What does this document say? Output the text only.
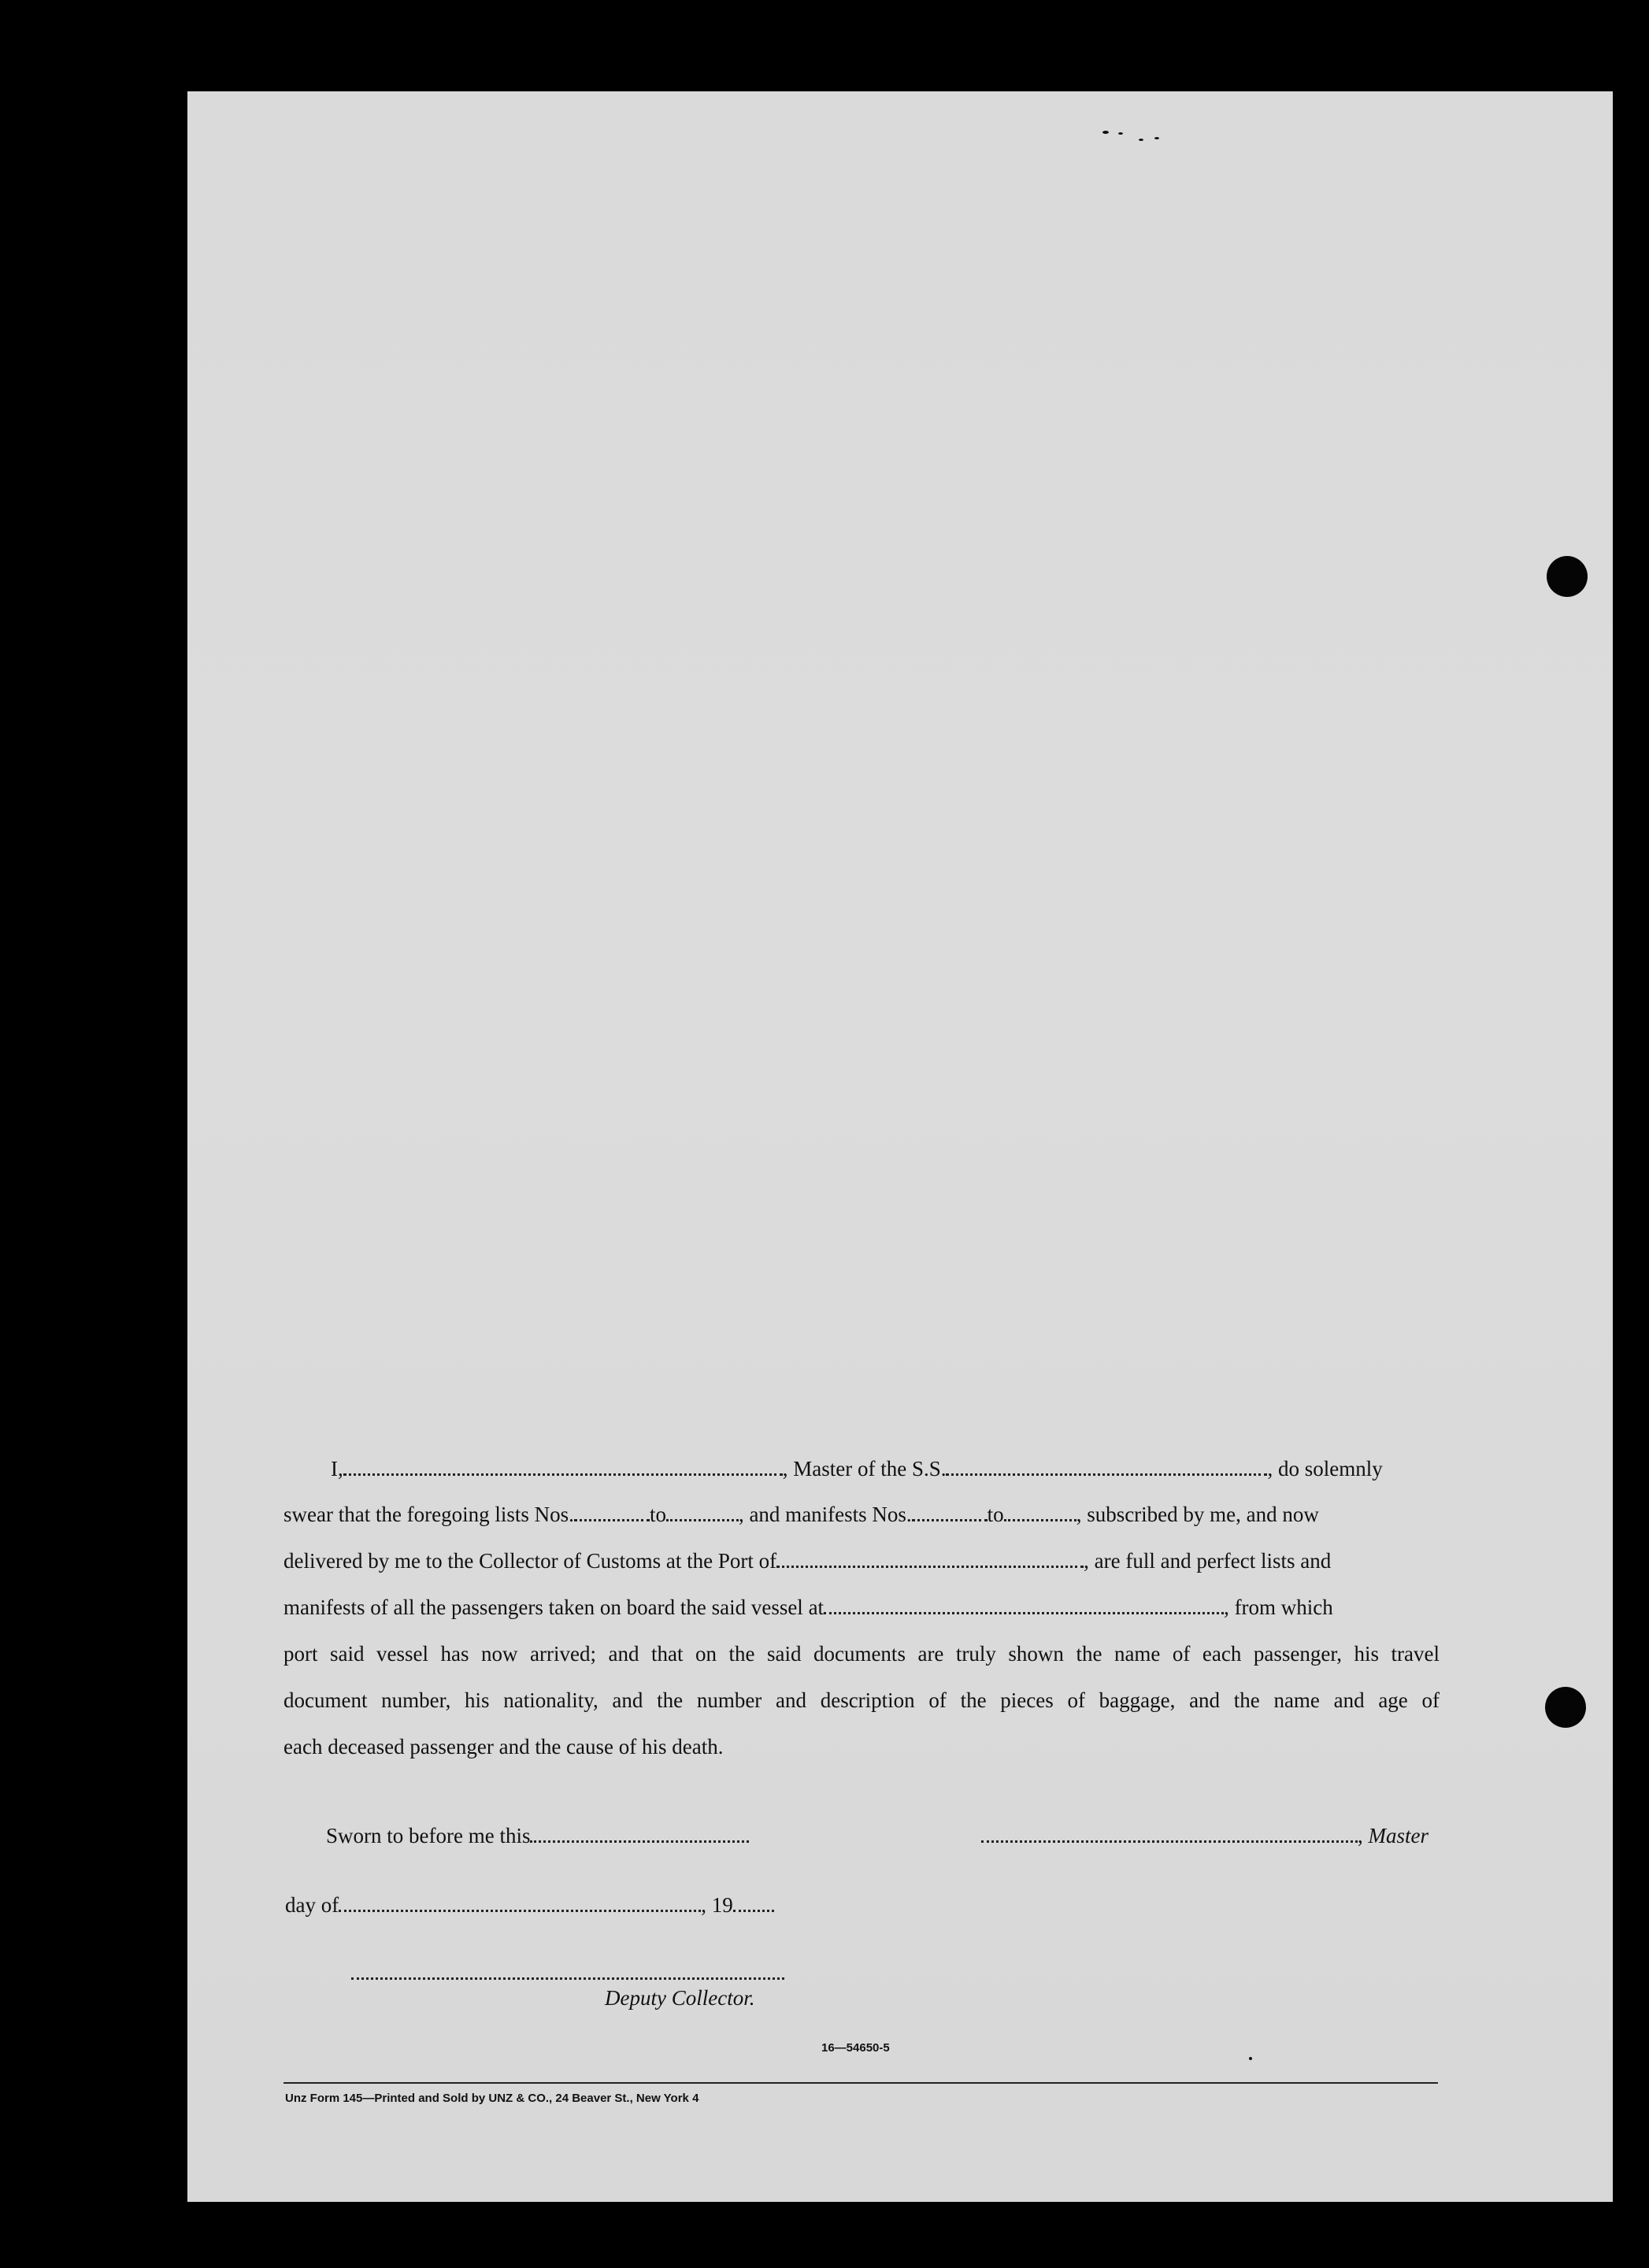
I,	, Master of the S.S.	, do solemnly
swear that the foregoing lists Nos.	to	, and manifests Nos.	to	, subscribed by me, and now
delivered by me to the Collector of Customs at the Port of	, are full and perfect lists and
manifests of all the passengers taken on board the said vessel at	, from which
port said vessel has now arrived; and that on the said documents are truly shown the name of each passenger, his travel
document number, his nationality, and the number and description of the pieces of baggage, and the name and age of
each deceased passenger and the cause of his death.
Sworn to before me this	, Master
day of	, 19
Deputy Collector.
16—54650-5
Unz Form 145—Printed and Sold by UNZ & CO., 24 Beaver St., New York 4
